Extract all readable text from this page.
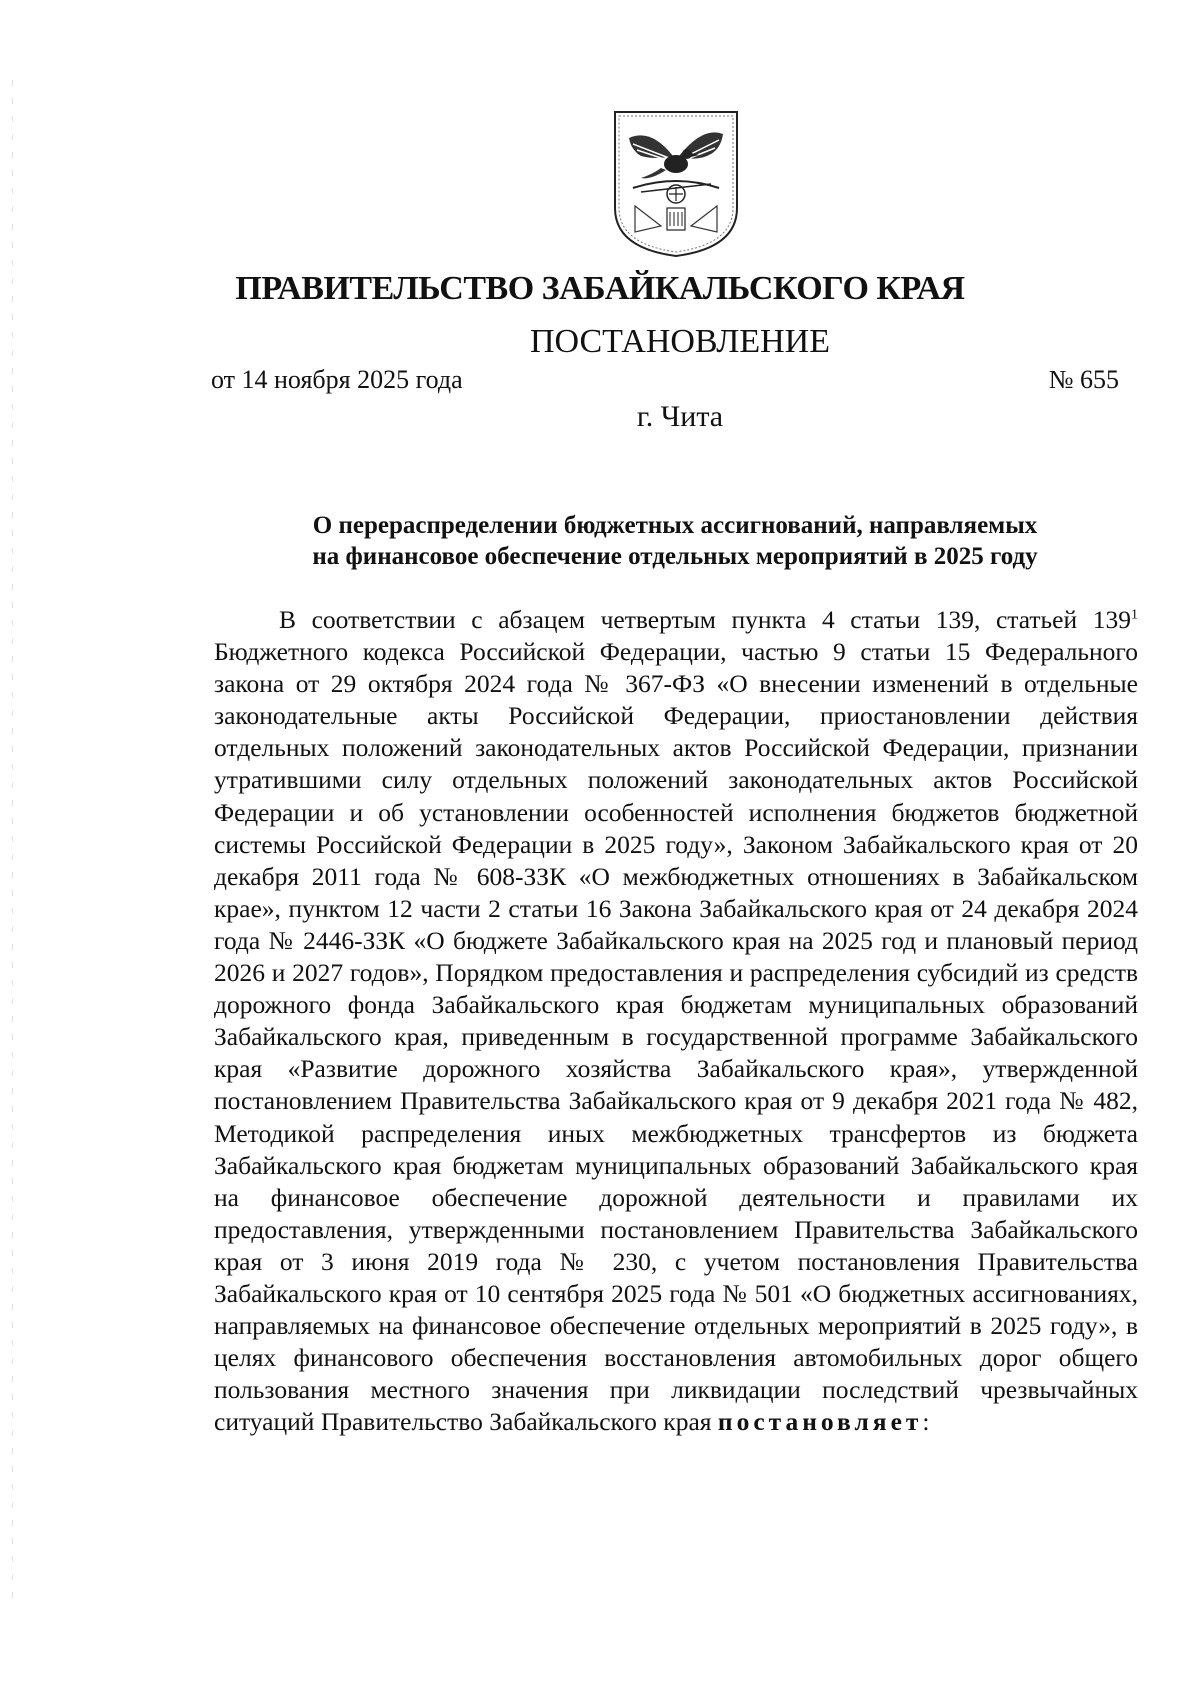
ПРАВИТЕЛЬСТВО ЗАБАЙКАЛЬСКОГО КРАЯ
ПОСТАНОВЛЕНИЕ
от 14 ноября 2025 года	№ 655
г. Чита
О перераспределении бюджетных ассигнований, направляемых
на финансовое обеспечение отдельных мероприятий в 2025 году

В соответствии с абзацем четвертым пункта 4 статьи 139, статьей $139^1$ Бюджетного кодекса Российской Федерации, частью 9 статьи 15 Федерального закона от 29 октября 2024 года № 367-ФЗ «О внесении изменений в отдельные законодательные акты Российской Федерации, приостановлении действия отдельных положений законодательных актов Российской Федерации, признании утратившими силу отдельных положений законодательных актов Российской Федерации и об установлении особенностей исполнения бюджетов бюджетной системы Российской Федерации в 2025 году», Законом Забайкальского края от 20 декабря 2011 года № 608-ЗЗК «О межбюджетных отношениях в Забайкальском крае», пунктом 12 части 2 статьи 16 Закона Забайкальского края от 24 декабря 2024 года № 2446-ЗЗК «О бюджете Забайкальского края на 2025 год и плановый период 2026 и 2027 годов», Порядком предоставления и распределения субсидий из средств дорожного фонда Забайкальского края бюджетам муниципальных образований Забайкальского края, приведенным в государственной программе Забайкальского края «Развитие дорожного хозяйства Забайкальского края», утвержденной постановлением Правительства Забайкальского края от 9 декабря 2021 года № 482, Методикой распределения иных межбюджетных трансфертов из бюджета Забайкальского края бюджетам муниципальных образований Забайкальского края на финансовое обеспечение дорожной деятельности и правилами их предоставления, утвержденными постановлением Правительства Забайкальского края от 3 июня 2019 года № 230, с учетом постановления Правительства Забайкальского края от 10 сентября 2025 года № 501 «О бюджетных ассигнованиях, направляемых на финансовое обеспечение отдельных мероприятий в 2025 году», в целях финансового обеспечения восстановления автомобильных дорог общего пользования местного значения при ликвидации последствий чрезвычайных ситуаций Правительство Забайкальского края постановляет:
